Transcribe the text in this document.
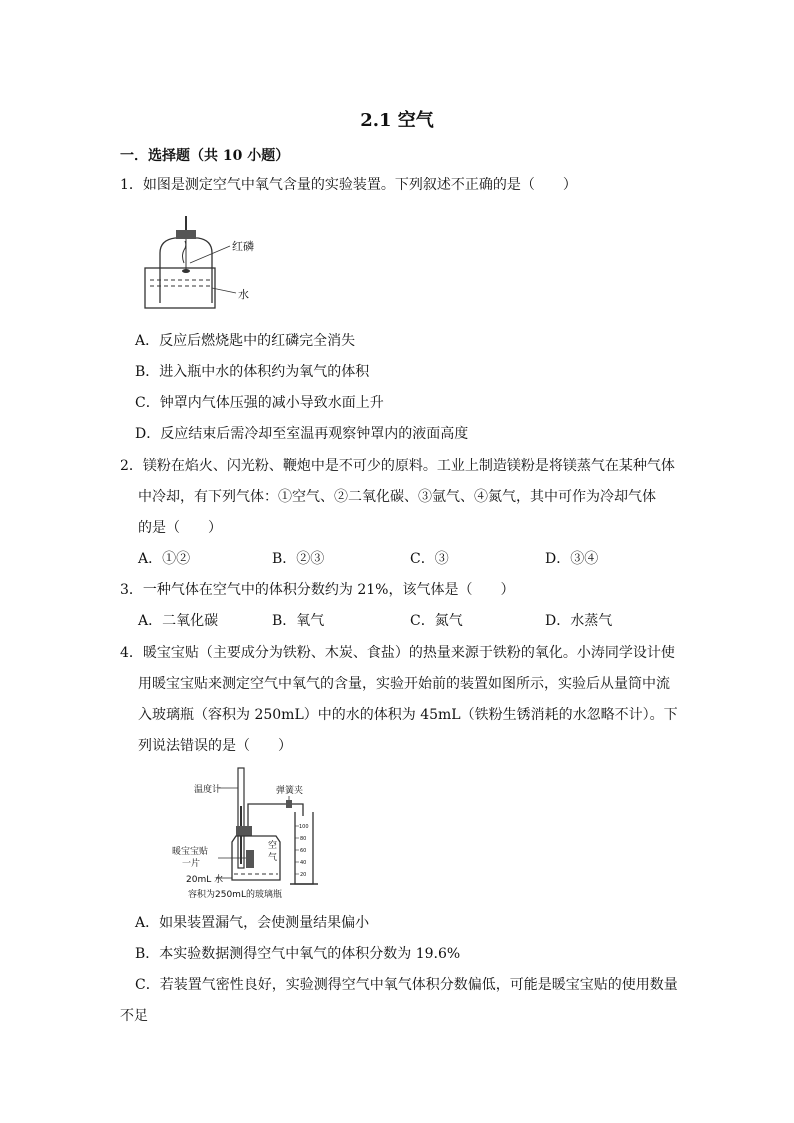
2.1 空气
一．选择题（共 10 小题）
1．如图是测定空气中氧气含量的实验装置。下列叙述不正确的是（　　）
红磷
水
A．反应后燃烧匙中的红磷完全消失
B．进入瓶中水的体积约为氧气的体积
C．钟罩内气体压强的减小导致水面上升
D．反应结束后需冷却至室温再观察钟罩内的液面高度
2．镁粉在焰火、闪光粉、鞭炮中是不可少的原料。工业上制造镁粉是将镁蒸气在某种气体
中冷却，有下列气体：①空气、②二氧化碳、③氩气、④氮气，其中可作为冷却气体
的是（　　）
A．①②	B．②③	C．③	D．③④
3．一种气体在空气中的体积分数约为 21%，该气体是（　　）
A．二氧化碳	B．氧气	C．氮气	D．水蒸气
4．暖宝宝贴（主要成分为铁粉、木炭、食盐）的热量来源于铁粉的氧化。小涛同学设计使
用暖宝宝贴来测定空气中氧气的含量，实验开始前的装置如图所示，实验后从量筒中流
入玻璃瓶（容积为 250mL）中的水的体积为 45mL（铁粉生锈消耗的水忽略不计）。下
列说法错误的是（　　）
温度计
暖宝宝贴
一片
20mL 水
容积为250mL的玻璃瓶
弹簧夹
空
气
100
80
60
40
20
A．如果装置漏气，会使测量结果偏小
B．本实验数据测得空气中氧气的体积分数为 19.6%
C．若装置气密性良好，实验测得空气中氧气体积分数偏低，可能是暖宝宝贴的使用数量
不足
